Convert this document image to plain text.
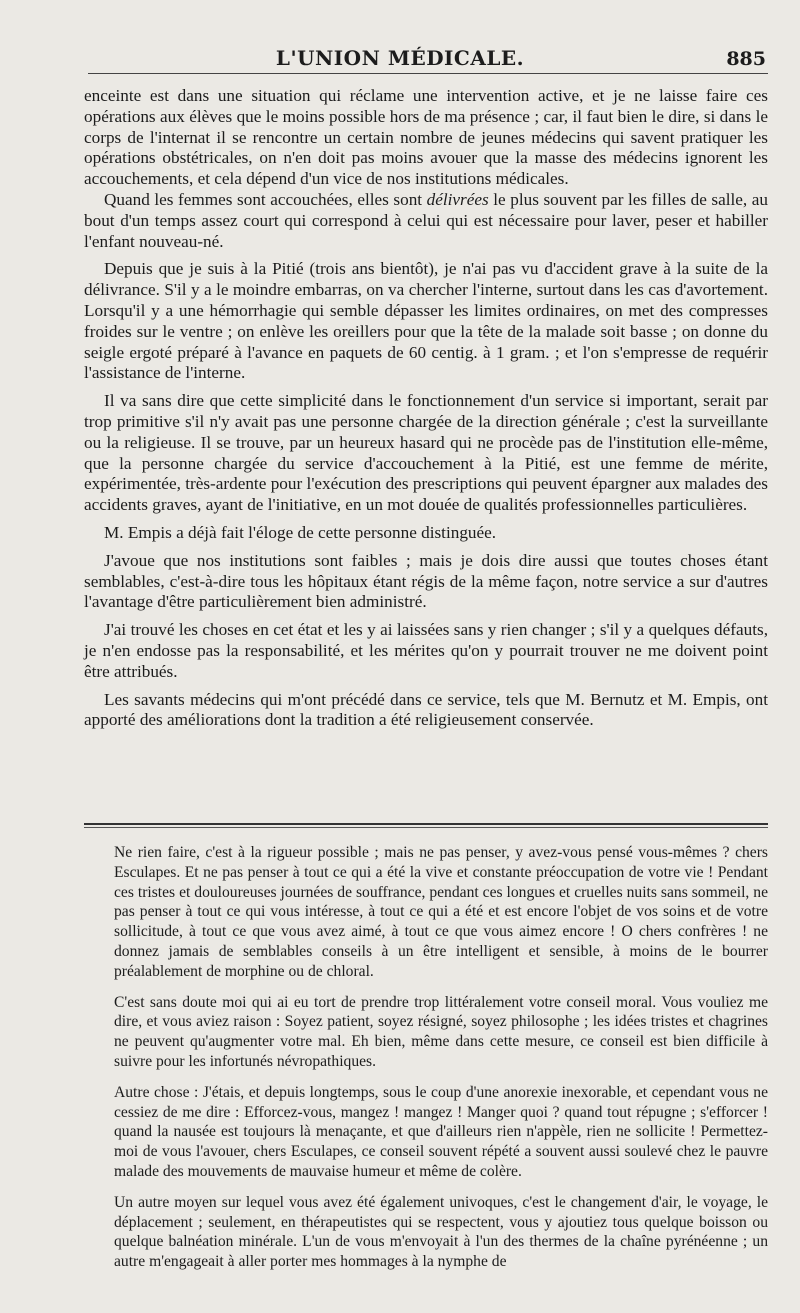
L'UNION MÉDICALE.	885

enceinte est dans une situation qui réclame une intervention active, et je ne laisse faire ces opérations aux élèves que le moins possible hors de ma présence ; car, il faut bien le dire, si dans le corps de l'internat il se rencontre un certain nombre de jeunes médecins qui savent pratiquer les opérations obstétricales, on n'en doit pas moins avouer que la masse des médecins ignorent les accouchements, et cela dépend d'un vice de nos institutions médicales.

Quand les femmes sont accouchées, elles sont délivrées le plus souvent par les filles de salle, au bout d'un temps assez court qui correspond à celui qui est nécessaire pour laver, peser et habiller l'enfant nouveau-né.

Depuis que je suis à la Pitié (trois ans bientôt), je n'ai pas vu d'accident grave à la suite de la délivrance. S'il y a le moindre embarras, on va chercher l'interne, surtout dans les cas d'avortement. Lorsqu'il y a une hémorrhagie qui semble dépasser les limites ordinaires, on met des compresses froides sur le ventre ; on enlève les oreillers pour que la tête de la malade soit basse ; on donne du seigle ergoté préparé à l'avance en paquets de 60 centig. à 1 gram. ; et l'on s'empresse de requérir l'assistance de l'interne.

Il va sans dire que cette simplicité dans le fonctionnement d'un service si important, serait par trop primitive s'il n'y avait pas une personne chargée de la direction générale ; c'est la surveillante ou la religieuse. Il se trouve, par un heureux hasard qui ne procède pas de l'institution elle-même, que la personne chargée du service d'accouchement à la Pitié, est une femme de mérite, expérimentée, très-ardente pour l'exécution des prescriptions qui peuvent épargner aux malades des accidents graves, ayant de l'initiative, en un mot douée de qualités professionnelles particulières.

M. Empis a déjà fait l'éloge de cette personne distinguée.

J'avoue que nos institutions sont faibles ; mais je dois dire aussi que toutes choses étant semblables, c'est-à-dire tous les hôpitaux étant régis de la même façon, notre service a sur d'autres l'avantage d'être particulièrement bien administré.

J'ai trouvé les choses en cet état et les y ai laissées sans y rien changer ; s'il y a quelques défauts, je n'en endosse pas la responsabilité, et les mérites qu'on y pourrait trouver ne me doivent point être attribués.

Les savants médecins qui m'ont précédé dans ce service, tels que M. Bernutz et M. Empis, ont apporté des améliorations dont la tradition a été religieusement conservée.

Ne rien faire, c'est à la rigueur possible ; mais ne pas penser, y avez-vous pensé vous-mêmes ? chers Esculapes. Et ne pas penser à tout ce qui a été la vive et constante préoccupation de votre vie ! Pendant ces tristes et douloureuses journées de souffrance, pendant ces longues et cruelles nuits sans sommeil, ne pas penser à tout ce qui vous intéresse, à tout ce qui a été et est encore l'objet de vos soins et de votre sollicitude, à tout ce que vous avez aimé, à tout ce que vous aimez encore ! O chers confrères ! ne donnez jamais de semblables conseils à un être intelligent et sensible, à moins de le bourrer préalablement de morphine ou de chloral.

C'est sans doute moi qui ai eu tort de prendre trop littéralement votre conseil moral. Vous vouliez me dire, et vous aviez raison : Soyez patient, soyez résigné, soyez philosophe ; les idées tristes et chagrines ne peuvent qu'augmenter votre mal. Eh bien, même dans cette mesure, ce conseil est bien difficile à suivre pour les infortunés névropathiques.

Autre chose : J'étais, et depuis longtemps, sous le coup d'une anorexie inexorable, et cependant vous ne cessiez de me dire : Efforcez-vous, mangez ! mangez ! Manger quoi ? quand tout répugne ; s'efforcer ! quand la nausée est toujours là menaçante, et que d'ailleurs rien n'appèle, rien ne sollicite ! Permettez-moi de vous l'avouer, chers Esculapes, ce conseil souvent répété a souvent aussi soulevé chez le pauvre malade des mouvements de mauvaise humeur et même de colère.

Un autre moyen sur lequel vous avez été également univoques, c'est le changement d'air, le voyage, le déplacement ; seulement, en thérapeutistes qui se respectent, vous y ajoutiez tous quelque boisson ou quelque balnéation minérale. L'un de vous m'envoyait à l'un des thermes de la chaîne pyrénéenne ; un autre m'engageait à aller porter mes hommages à la nymphe de
